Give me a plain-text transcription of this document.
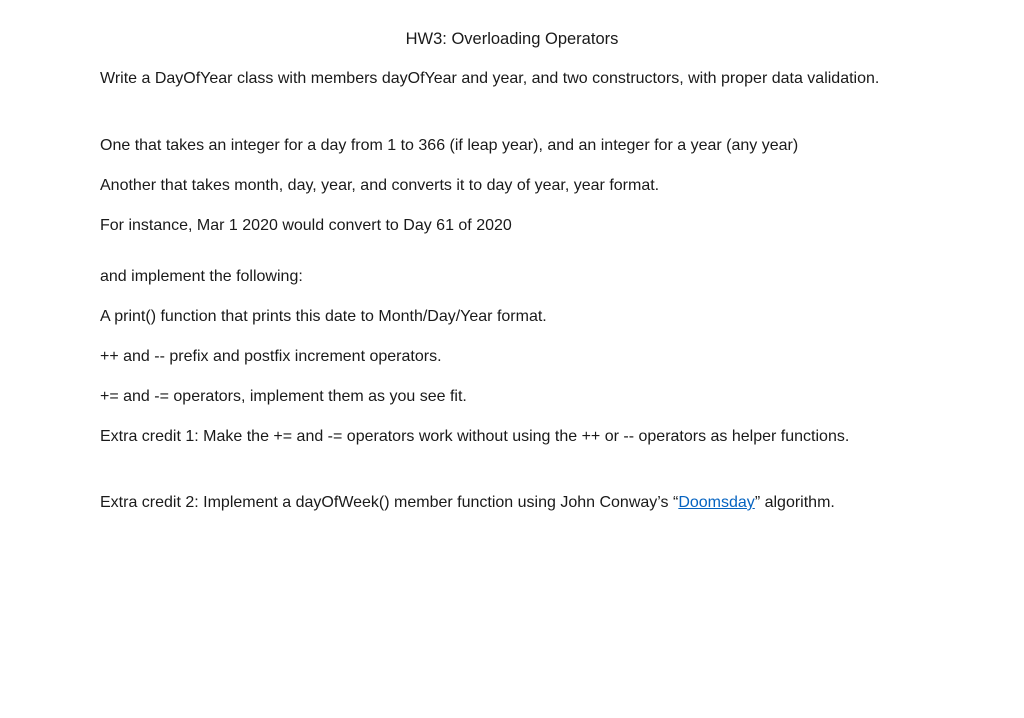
HW3: Overloading Operators

Write a DayOfYear class with members dayOfYear and year, and two constructors, with proper data validation.

One that takes an integer for a day from 1 to 366 (if leap year), and an integer for a year (any year)

Another that takes month, day, year, and converts it to day of year, year format.

For instance, Mar 1 2020 would convert to Day 61 of 2020

and implement the following:

A print() function that prints this date to Month/Day/Year format.

++ and -- prefix and postfix increment operators.

+= and -= operators, implement them as you see fit.

Extra credit 1: Make the += and -= operators work without using the ++ or -- operators as helper functions.

Extra credit 2: Implement a dayOfWeek() member function using John Conway’s “Doomsday” algorithm.
